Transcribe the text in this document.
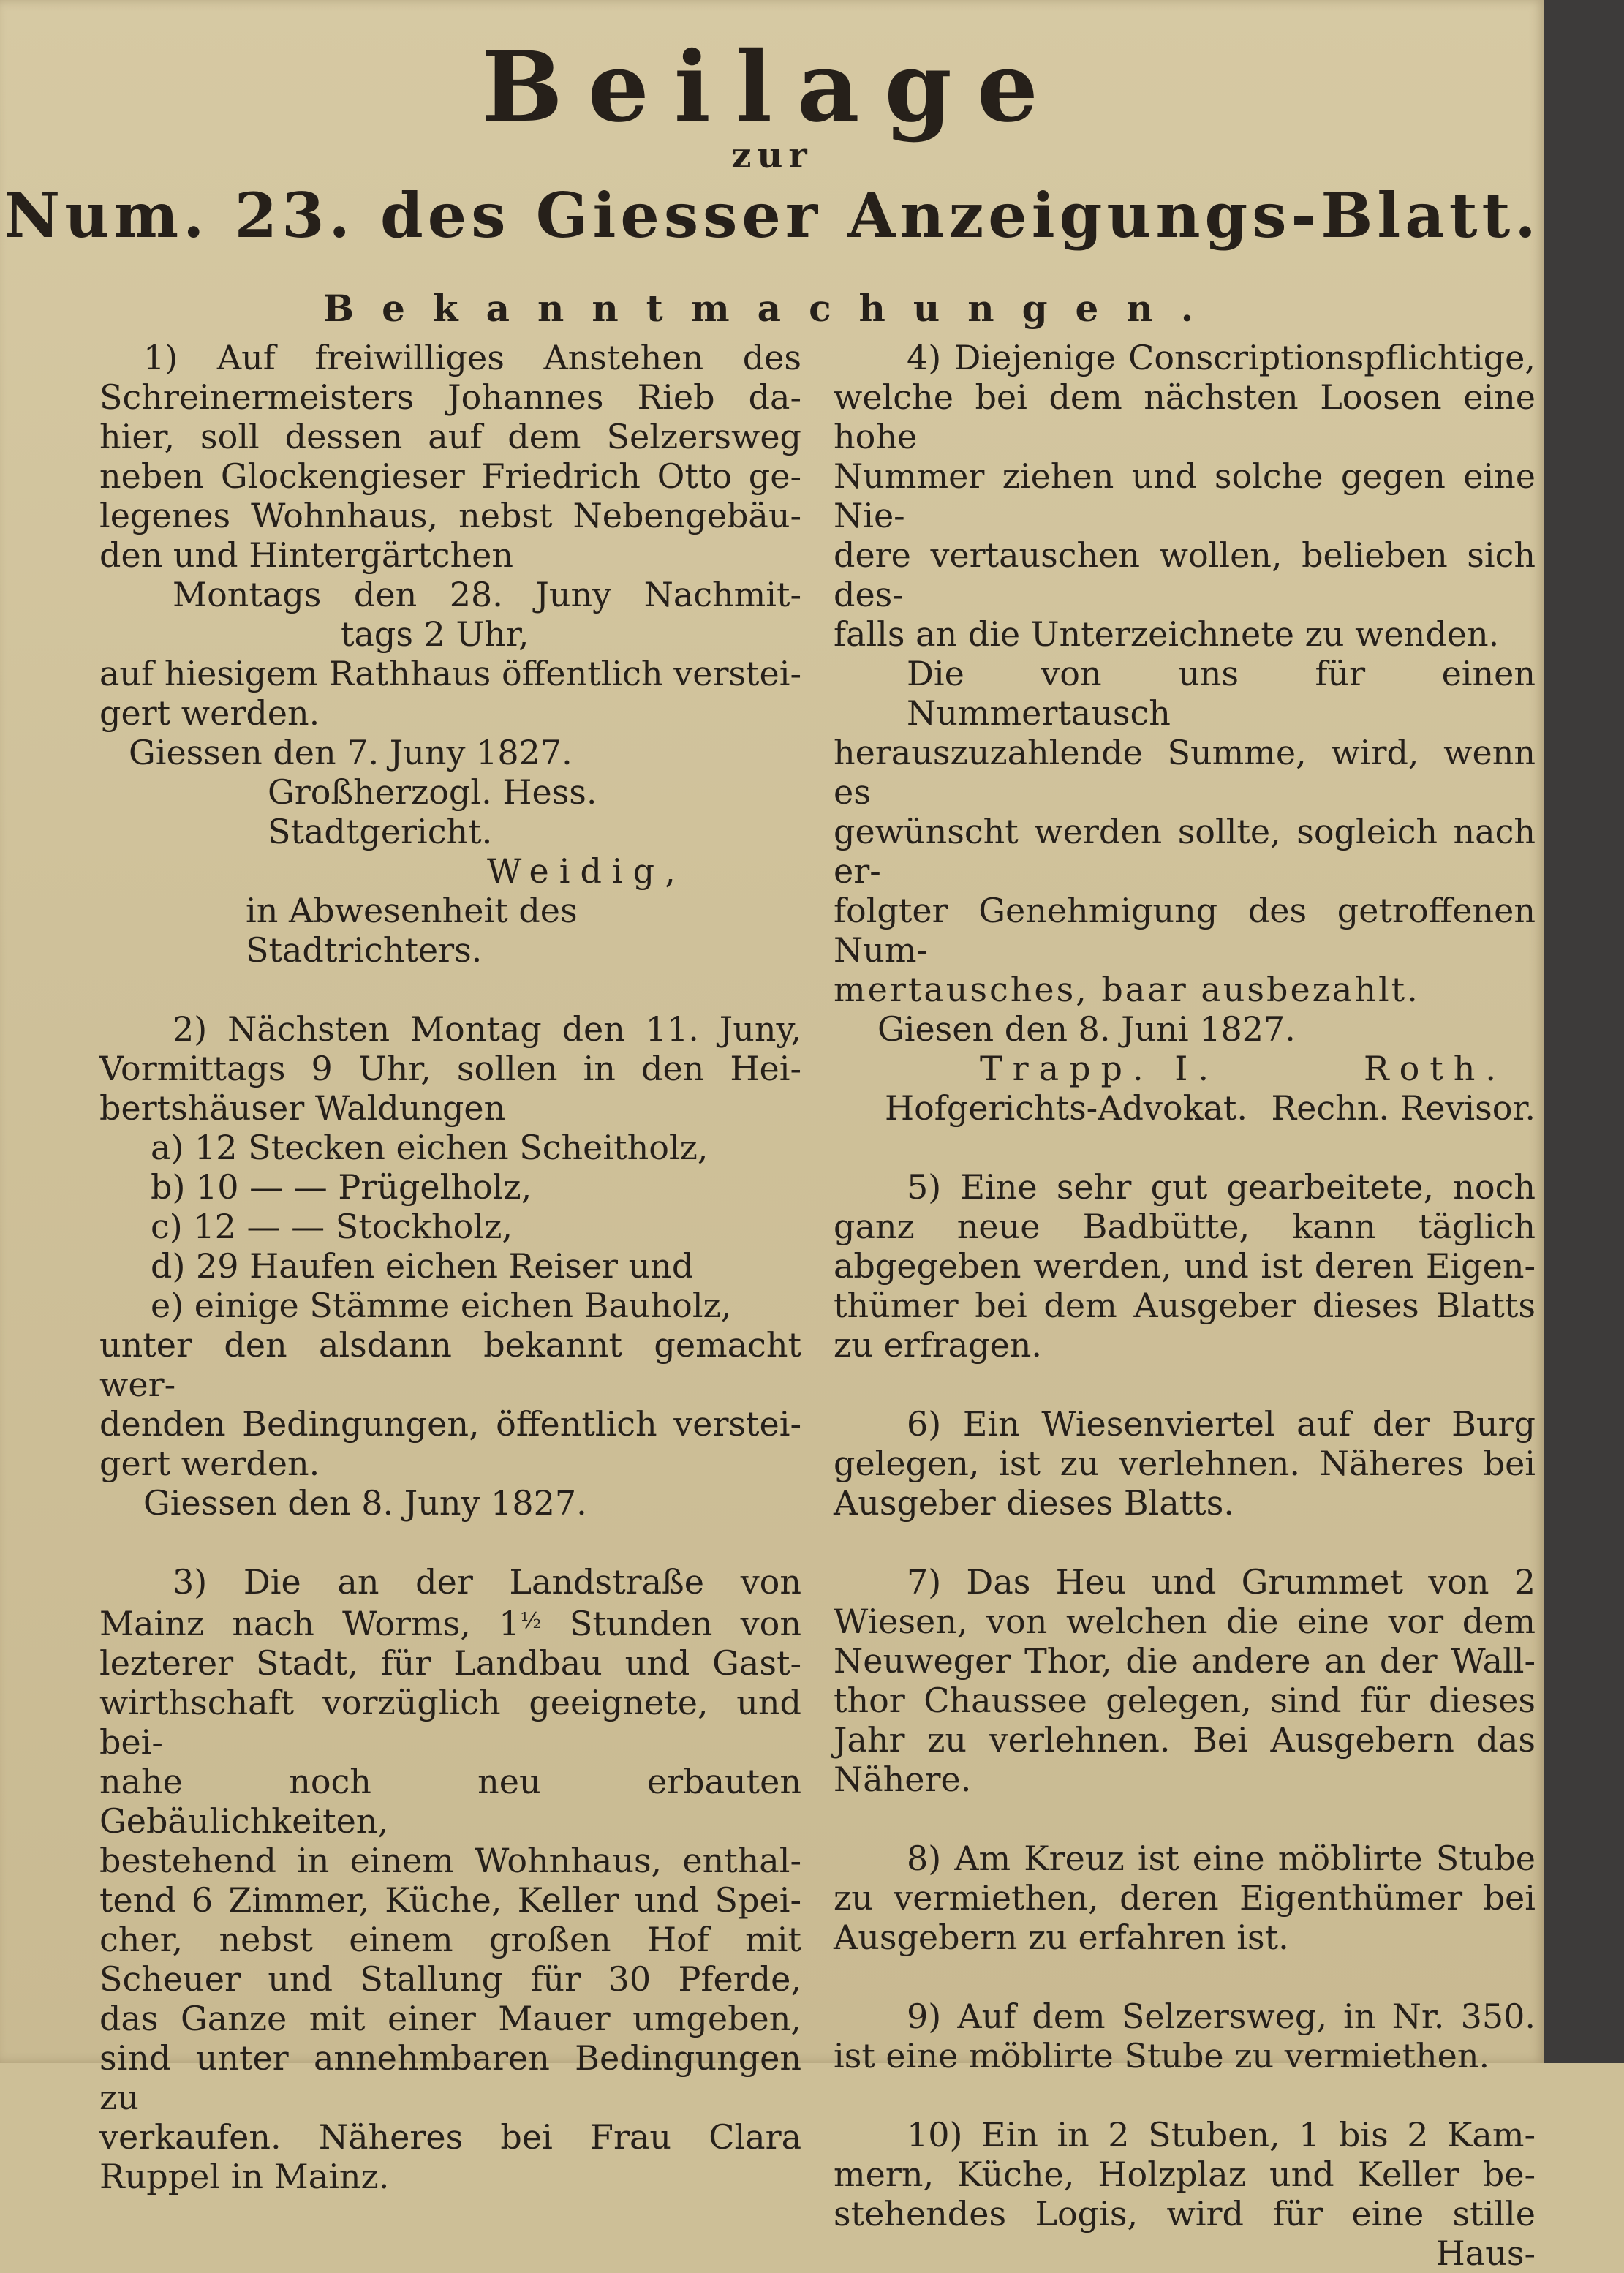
Beilage
zur
Num. 23. des Giesser Anzeigungs-Blatt.
Bekanntmachungen.

1) Auf freiwilliges Anstehen des

Schreinermeisters Johannes Rieb da-

hier, soll dessen auf dem Selzersweg

neben Glockengieser Friedrich Otto ge-

legenes Wohnhaus, nebst Nebengebäu-

den und Hintergärtchen

Montags den 28. Juny Nachmit-

tags 2 Uhr,

auf hiesigem Rathhaus öffentlich verstei-

gert werden.

Giessen den 7. Juny 1827.

Großherzogl. Hess. Stadtgericht.

Weidig,

in Abwesenheit des Stadtrichters.

2) Nächsten Montag den 11. Juny,

Vormittags 9 Uhr, sollen in den Hei-

bertshäuser Waldungen

a) 12 Stecken eichen Scheitholz,

b) 10 — — Prügelholz,

c) 12 — — Stockholz,

d) 29 Haufen eichen Reiser und

e) einige Stämme eichen Bauholz,

unter den alsdann bekannt gemacht wer-

denden Bedingungen, öffentlich verstei-

gert werden.

Giessen den 8. Juny 1827.

3) Die an der Landstraße von

Mainz nach Worms, $1^{\frac{1}{2}}$ Stunden von

lezterer Stadt, für Landbau und Gast-

wirthschaft vorzüglich geeignete, und bei-

nahe noch neu erbauten Gebäulichkeiten,

bestehend in einem Wohnhaus, enthal-

tend 6 Zimmer, Küche, Keller und Spei-

cher, nebst einem großen Hof mit

Scheuer und Stallung für 30 Pferde,

das Ganze mit einer Mauer umgeben,

sind unter annehmbaren Bedingungen zu

verkaufen. Näheres bei Frau Clara

Ruppel in Mainz.

4) Diejenige Conscriptionspflichtige,

welche bei dem nächsten Loosen eine hohe

Nummer ziehen und solche gegen eine Nie-

dere vertauschen wollen, belieben sich des-

falls an die Unterzeichnete zu wenden.

Die von uns für einen Nummertausch

herauszuzahlende Summe, wird, wenn es

gewünscht werden sollte, sogleich nach er-

folgter Genehmigung des getroffenen Num-

mertausches, baar ausbezahlt.

Giesen den 8. Juni 1827.

Trapp. I.	Roth.
Hofgerichts-Advokat. Rechn. Revisor.

5) Eine sehr gut gearbeitete, noch

ganz neue Badbütte, kann täglich

abgegeben werden, und ist deren Eigen-

thümer bei dem Ausgeber dieses Blatts

zu erfragen.

6) Ein Wiesenviertel auf der Burg

gelegen, ist zu verlehnen. Näheres bei

Ausgeber dieses Blatts.

7) Das Heu und Grummet von 2

Wiesen, von welchen die eine vor dem

Neuweger Thor, die andere an der Wall-

thor Chaussee gelegen, sind für dieses

Jahr zu verlehnen. Bei Ausgebern das

Nähere.

8) Am Kreuz ist eine möblirte Stube

zu vermiethen, deren Eigenthümer bei

Ausgebern zu erfahren ist.

9) Auf dem Selzersweg, in Nr. 350.

ist eine möblirte Stube zu vermiethen.

10) Ein in 2 Stuben, 1 bis 2 Kam-

mern, Küche, Holzplaz und Keller be-

stehendes Logis, wird für eine stille

Haus-
